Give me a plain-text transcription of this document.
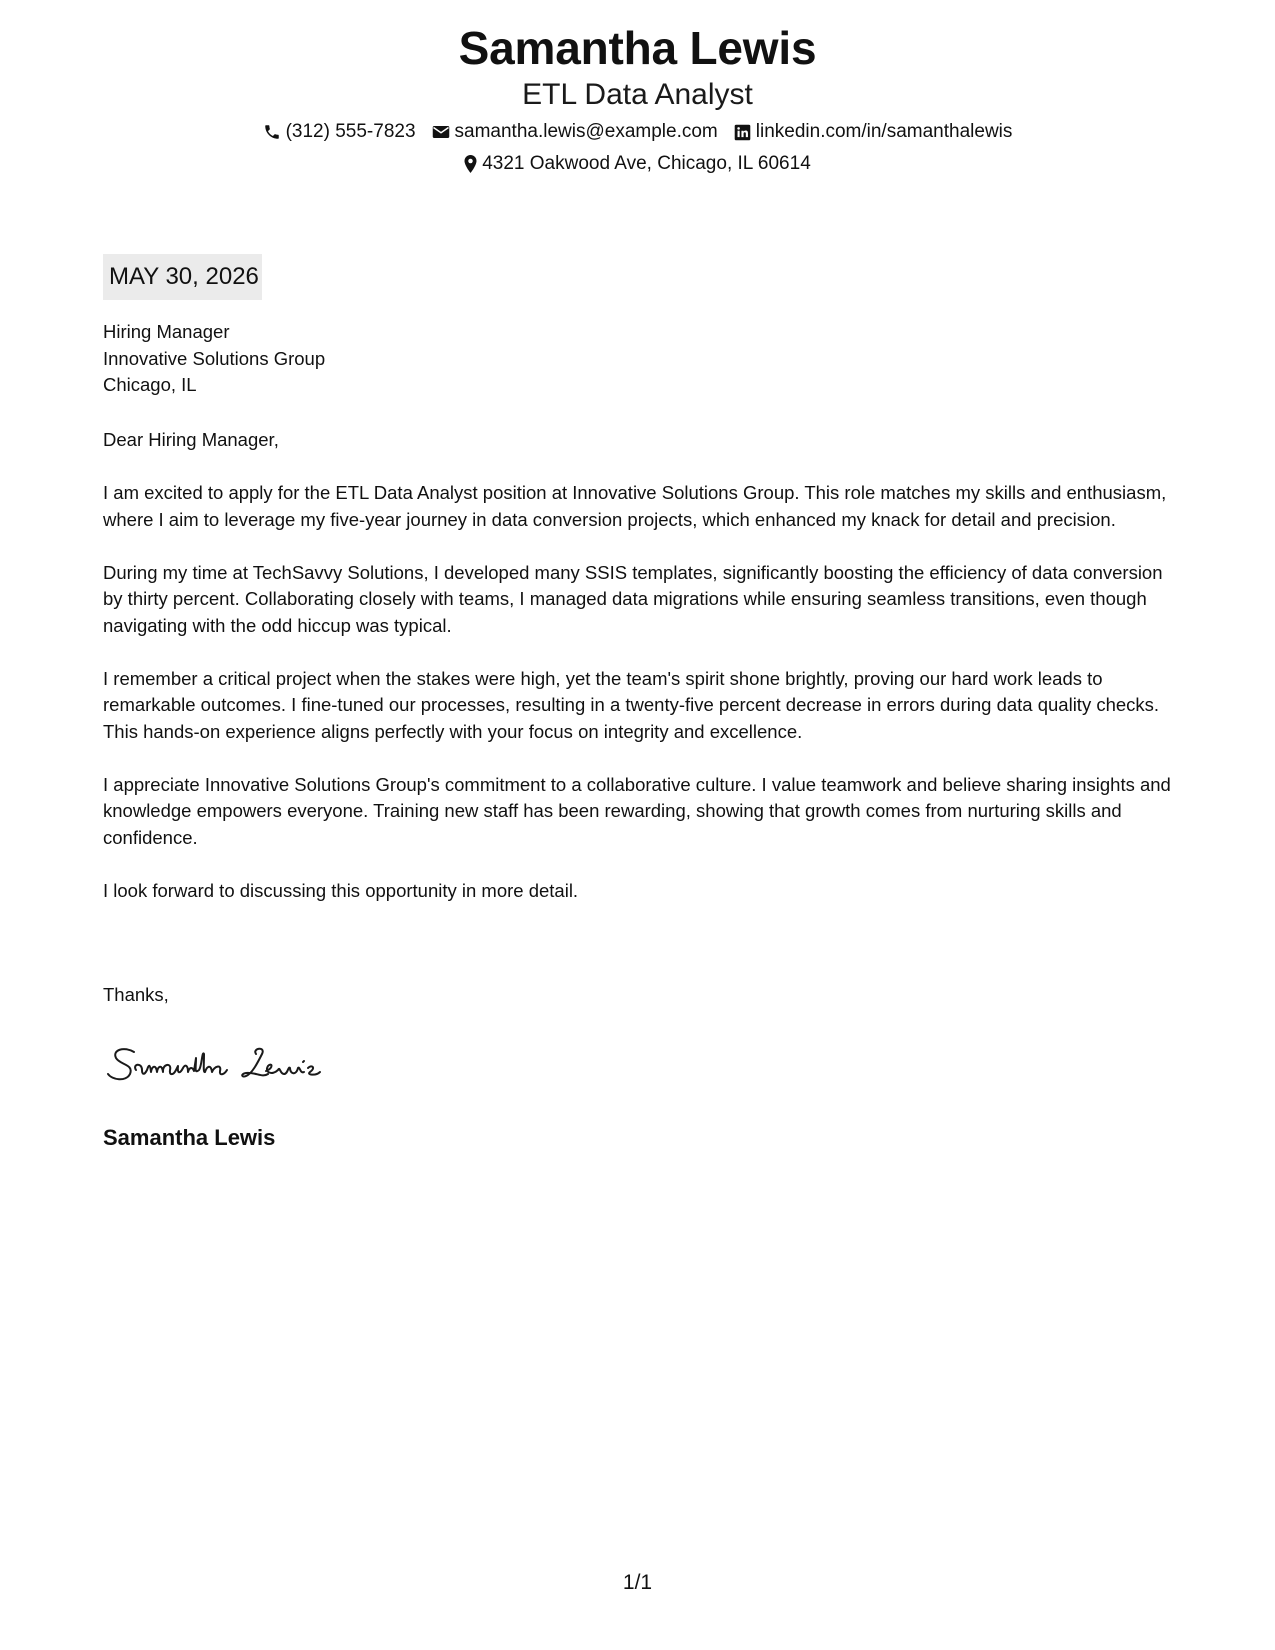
Samantha Lewis

ETL Data Analyst

(312) 555-7823 samantha.lewis@example.com linkedin.com/in/samanthalewis
4321 Oakwood Ave, Chicago, IL 60614
MAY 30, 2026
Hiring Manager
Innovative Solutions Group
Chicago, IL
Dear Hiring Manager,

I am excited to apply for the ETL Data Analyst position at Innovative Solutions Group. This role matches my skills and enthusiasm, where I aim to leverage my five-year journey in data conversion projects, which enhanced my knack for detail and precision.

During my time at TechSavvy Solutions, I developed many SSIS templates, significantly boosting the efficiency of data conversion by thirty percent. Collaborating closely with teams, I managed data migrations while ensuring seamless transitions, even though navigating with the odd hiccup was typical.

I remember a critical project when the stakes were high, yet the team's spirit shone brightly, proving our hard work leads to remarkable outcomes. I fine-tuned our processes, resulting in a twenty-five percent decrease in errors during data quality checks. This hands-on experience aligns perfectly with your focus on integrity and excellence.

I appreciate Innovative Solutions Group's commitment to a collaborative culture. I value teamwork and believe sharing insights and knowledge empowers everyone. Training new staff has been rewarding, showing that growth comes from nurturing skills and confidence.

I look forward to discussing this opportunity in more detail.

Thanks,
Samantha Lewis
1/1
